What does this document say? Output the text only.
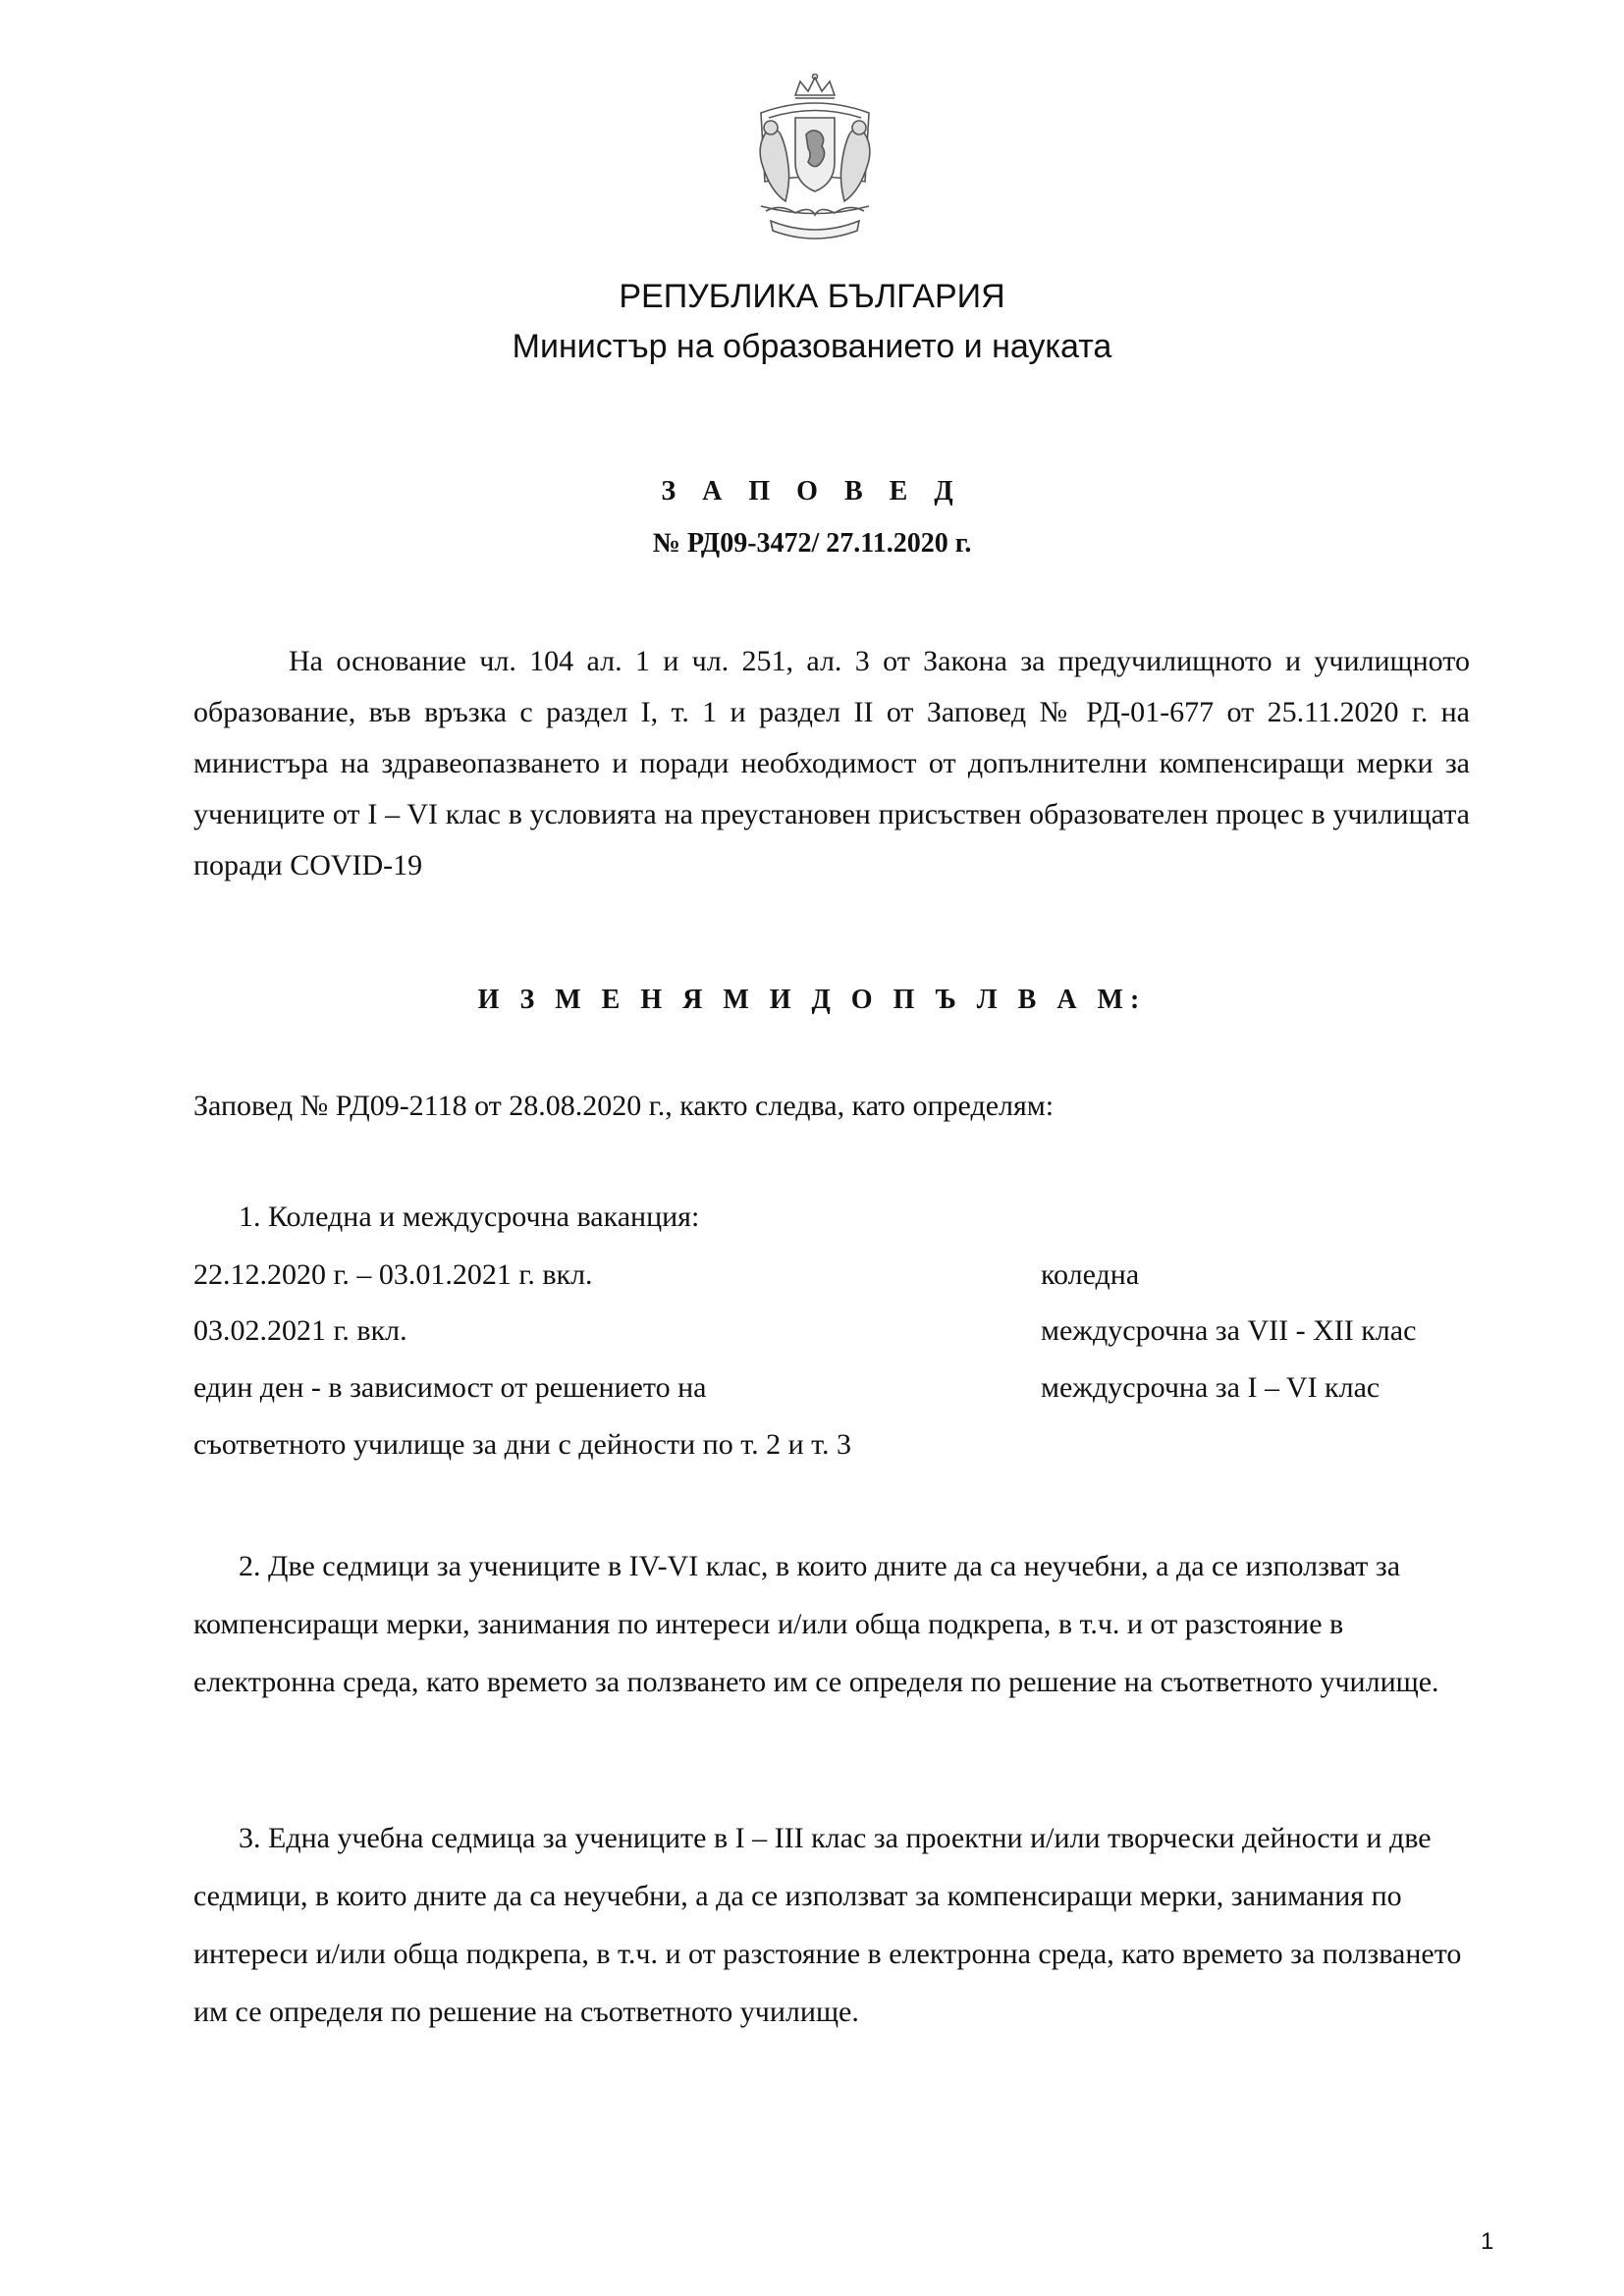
РЕПУБЛИКА БЪЛГАРИЯ
Министър на образованието и науката
З А П О В Е Д
№ РД09-3472/ 27.11.2020 г.
На основание чл. 104 ал. 1 и чл. 251, ал. 3 от Закона за предучилищното и училищното образование, във връзка с раздел I, т. 1 и раздел II от Заповед № РД-01-677 от 25.11.2020 г. на министъра на здравеопазването и поради необходимост от допълнителни компенсиращи мерки за учениците от I – VI клас в условията на преустановен присъствен образователен процес в училищата поради COVID-19
И З М Е Н Я М И Д О П Ъ Л В А М:
Заповед № РД09-2118 от 28.08.2020 г., както следва, като определям:
1. Коледна и междусрочна ваканция:
22.12.2020 г. – 03.01.2021 г. вкл.	коледна
03.02.2021 г. вкл.	междусрочна за VII - XII клас
един ден - в зависимост от решението на	междусрочна за I – VI клас
съответното училище за дни с дейности по т. 2 и т. 3
2. Две седмици за учениците в IV-VI клас, в които дните да са неучебни, а да се използват за компенсиращи мерки, занимания по интереси и/или обща подкрепа, в т.ч. и от разстояние в електронна среда, като времето за ползването им се определя по решение на съответното училище.
3. Една учебна седмица за учениците в I – III клас за проектни и/или творчески дейности и две седмици, в които дните да са неучебни, а да се използват за компенсиращи мерки, занимания по интереси и/или обща подкрепа, в т.ч. и от разстояние в електронна среда, като времето за ползването им се определя по решение на съответното училище.
1
